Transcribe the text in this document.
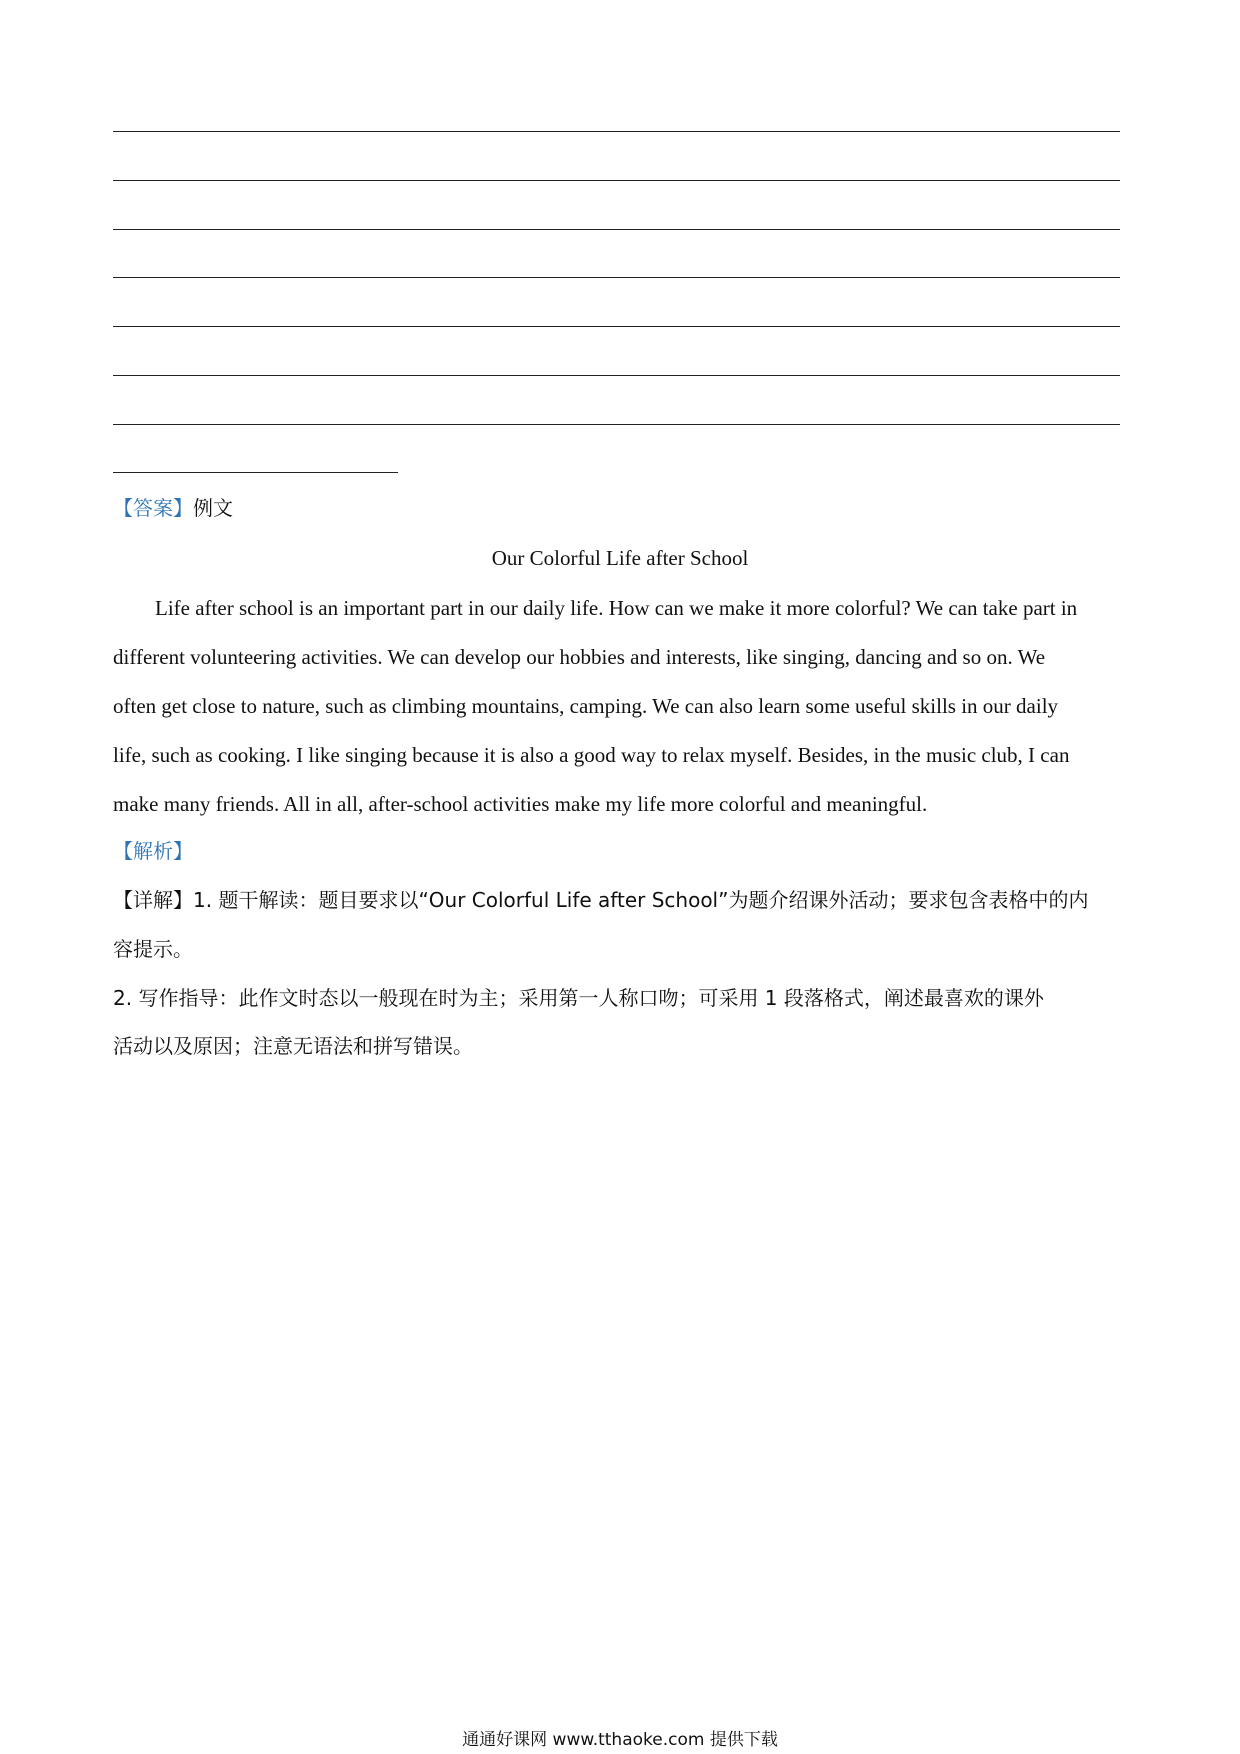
【答案】例文
Our Colorful Life after School
Life after school is an important part in our daily life. How can we make it more colorful? We can take part in
different volunteering activities. We can develop our hobbies and interests, like singing, dancing and so on. We
often get close to nature, such as climbing mountains, camping. We can also learn some useful skills in our daily
life, such as cooking. I like singing because it is also a good way to relax myself. Besides, in the music club, I can
make many friends. All in all, after-school activities make my life more colorful and meaningful.
【解析】
【详解】1. 题干解读：题目要求以“Our Colorful Life after School”为题介绍课外活动；要求包含表格中的内
容提示。
2. 写作指导：此作文时态以一般现在时为主；采用第一人称口吻；可采用 1 段落格式，阐述最喜欢的课外
活动以及原因；注意无语法和拼写错误。
通通好课网 www.tthaoke.com 提供下载
